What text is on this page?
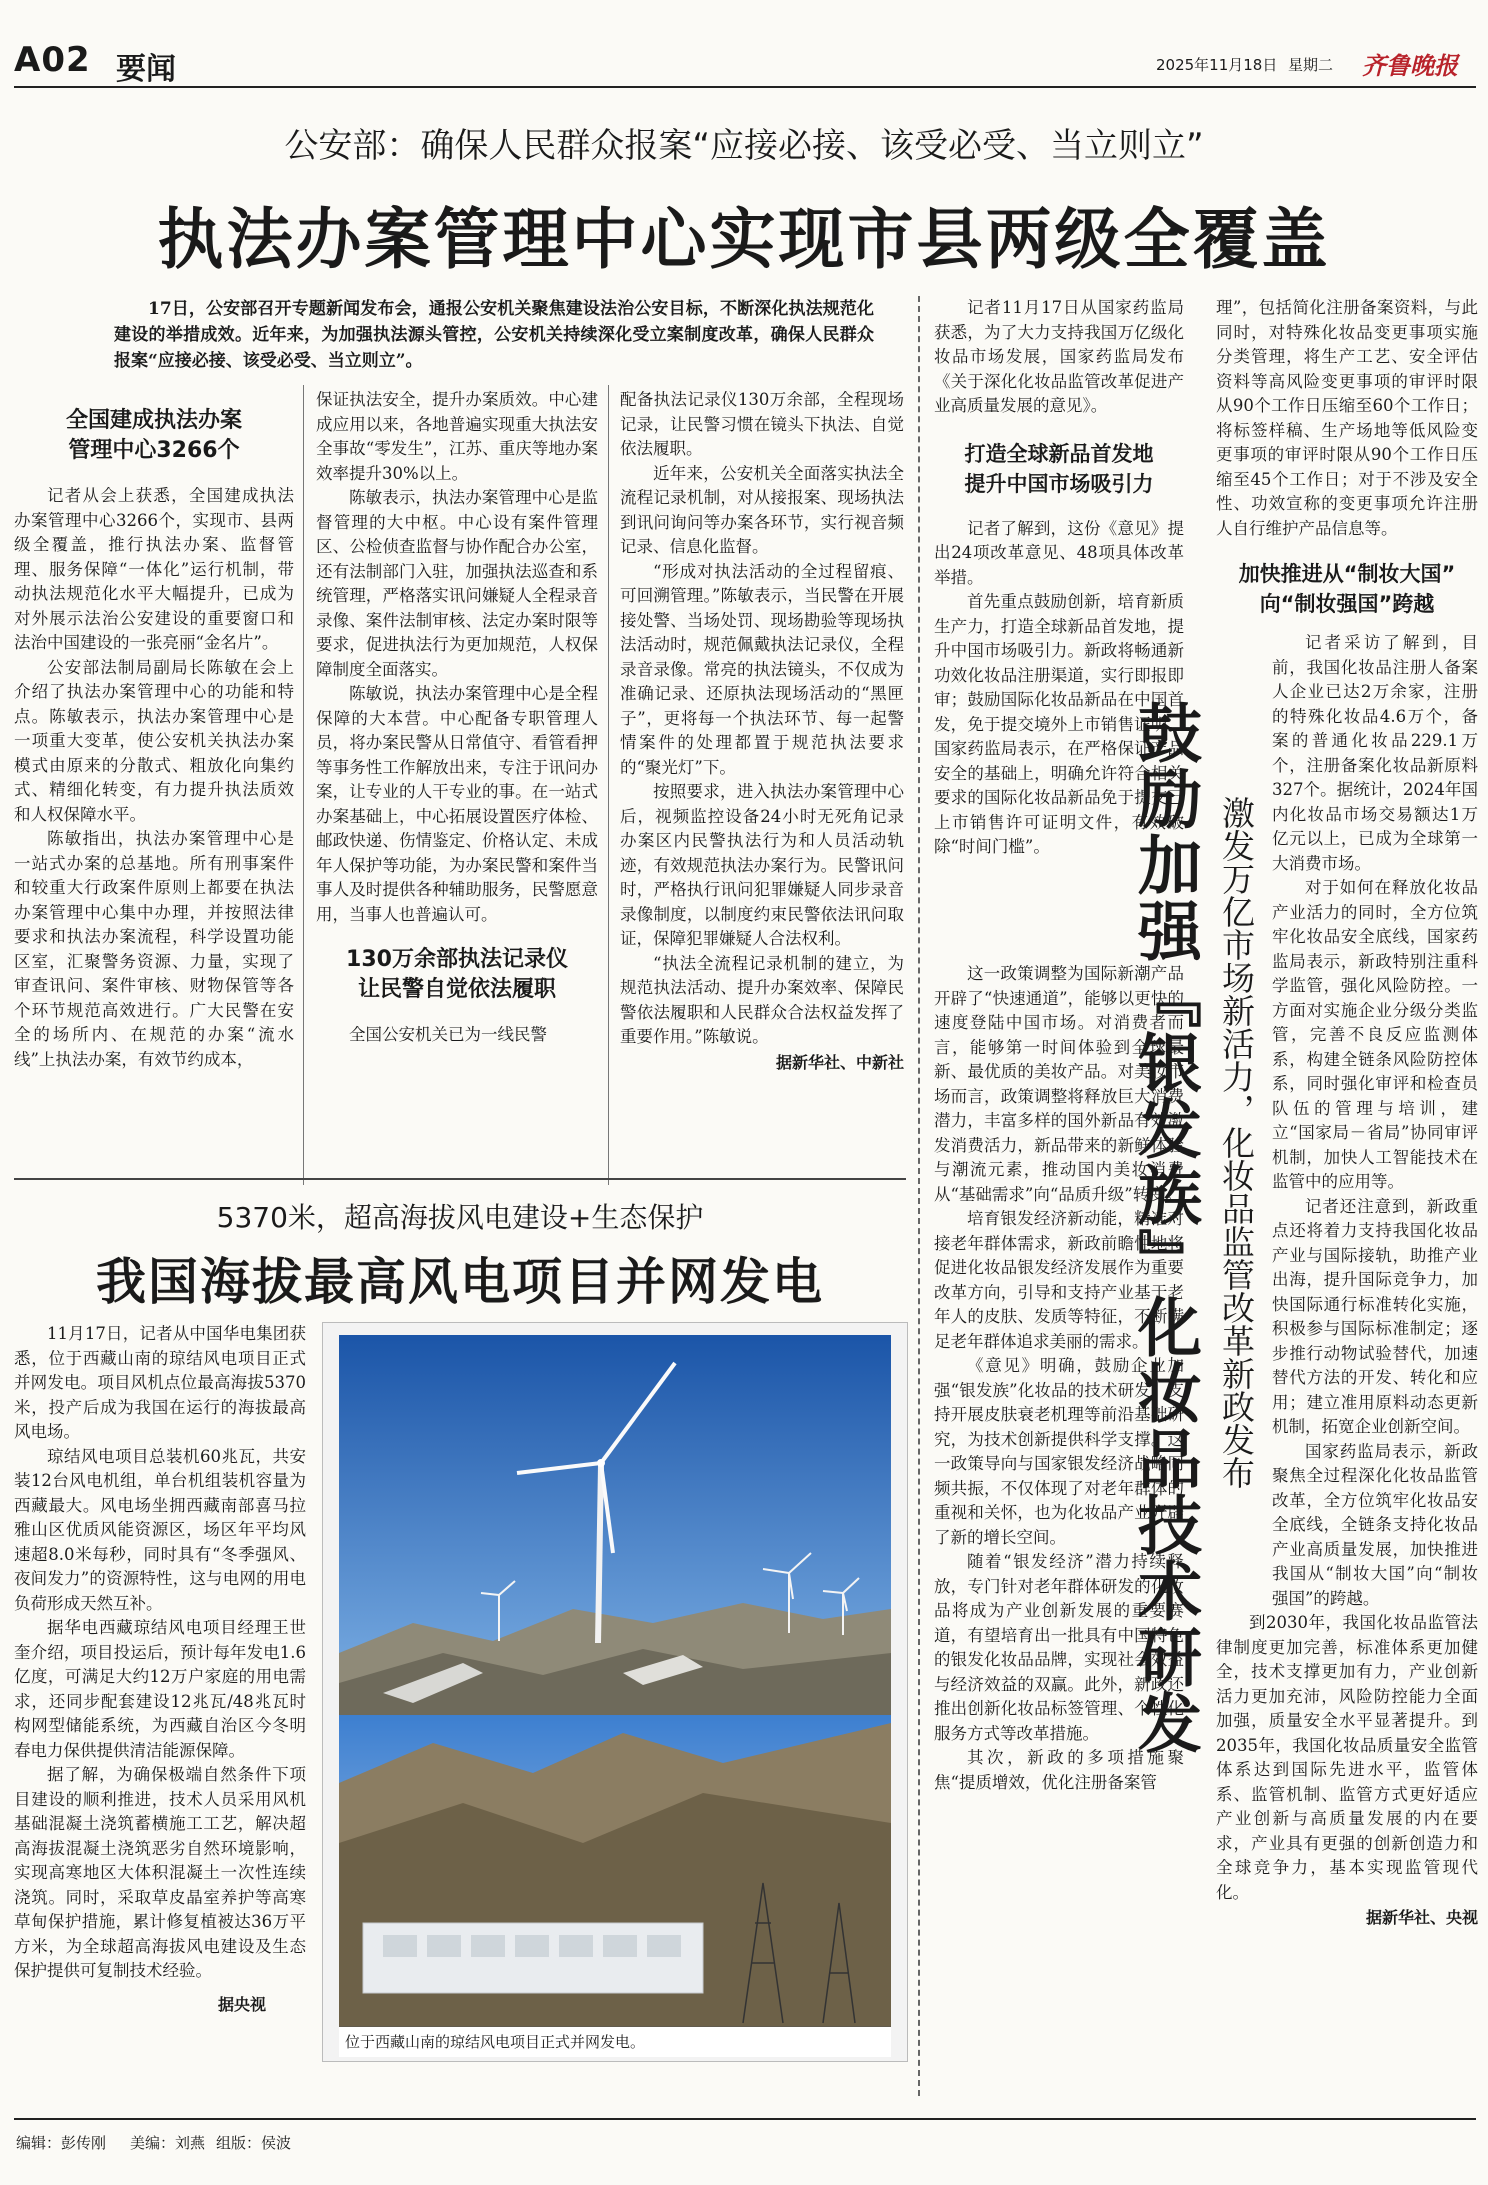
A02 要闻	2025年11月18日 星期二 齐鲁晚报
公安部：确保人民群众报案“应接必接、该受必受、当立则立”
执法办案管理中心实现市县两级全覆盖
17日，公安部召开专题新闻发布会，通报公安机关聚焦建设法治公安目标，不断深化执法规范化建设的举措成效。近年来，为加强执法源头管控，公安机关持续深化受立案制度改革，确保人民群众报案“应接必接、该受必受、当立则立”。
全国建成执法办案
管理中心3266个

记者从会上获悉，全国建成执法办案管理中心3266个，实现市、县两级全覆盖，推行执法办案、监督管理、服务保障“一体化”运行机制，带动执法规范化水平大幅提升，已成为对外展示法治公安建设的重要窗口和法治中国建设的一张亮丽“金名片”。

公安部法制局副局长陈敏在会上介绍了执法办案管理中心的功能和特点。陈敏表示，执法办案管理中心是一项重大变革，使公安机关执法办案模式由原来的分散式、粗放化向集约式、精细化转变，有力提升执法质效和人权保障水平。

陈敏指出，执法办案管理中心是一站式办案的总基地。所有刑事案件和较重大行政案件原则上都要在执法办案管理中心集中办理，并按照法律要求和执法办案流程，科学设置功能区室，汇聚警务资源、力量，实现了审查讯问、案件审核、财物保管等各个环节规范高效进行。广大民警在安全的场所内、在规范的办案“流水线”上执法办案，有效节约成本，

保证执法安全，提升办案质效。中心建成应用以来，各地普遍实现重大执法安全事故“零发生”，江苏、重庆等地办案效率提升30%以上。

陈敏表示，执法办案管理中心是监督管理的大中枢。中心设有案件管理区、公检侦查监督与协作配合办公室，还有法制部门入驻，加强执法巡查和系统管理，严格落实讯问嫌疑人全程录音录像、案件法制审核、法定办案时限等要求，促进执法行为更加规范，人权保障制度全面落实。

陈敏说，执法办案管理中心是全程保障的大本营。中心配备专职管理人员，将办案民警从日常值守、看管看押等事务性工作解放出来，专注于讯问办案，让专业的人干专业的事。在一站式办案基础上，中心拓展设置医疗体检、邮政快递、伤情鉴定、价格认定、未成年人保护等功能，为办案民警和案件当事人及时提供各种辅助服务，民警愿意用，当事人也普遍认可。

130万余部执法记录仪
让民警自觉依法履职

全国公安机关已为一线民警

配备执法记录仪130万余部，全程现场记录，让民警习惯在镜头下执法、自觉依法履职。

近年来，公安机关全面落实执法全流程记录机制，对从接报案、现场执法到讯问询问等办案各环节，实行视音频记录、信息化监督。

“形成对执法活动的全过程留痕、可回溯管理。”陈敏表示，当民警在开展接处警、当场处罚、现场勘验等现场执法活动时，规范佩戴执法记录仪，全程录音录像。常亮的执法镜头，不仅成为准确记录、还原执法现场活动的“黑匣子”，更将每一个执法环节、每一起警情案件的处理都置于规范执法要求的“聚光灯”下。

按照要求，进入执法办案管理中心后，视频监控设备24小时无死角记录办案区内民警执法行为和人员活动轨迹，有效规范执法办案行为。民警讯问时，严格执行讯问犯罪嫌疑人同步录音录像制度，以制度约束民警依法讯问取证，保障犯罪嫌疑人合法权利。

“执法全流程记录机制的建立，为规范执法活动、提升办案效率、保障民警依法履职和人民群众合法权益发挥了重要作用。”陈敏说。

据新华社、中新社
5370米，超高海拔风电建设+生态保护
我国海拔最高风电项目并网发电

11月17日，记者从中国华电集团获悉，位于西藏山南的琼结风电项目正式并网发电。项目风机点位最高海拔5370米，投产后成为我国在运行的海拔最高风电场。

琼结风电项目总装机60兆瓦，共安装12台风电机组，单台机组装机容量为西藏最大。风电场坐拥西藏南部喜马拉雅山区优质风能资源区，场区年平均风速超8.0米每秒，同时具有“冬季强风、夜间发力”的资源特性，这与电网的用电负荷形成天然互补。

据华电西藏琼结风电项目经理王世奎介绍，项目投运后，预计每年发电1.6亿度，可满足大约12万户家庭的用电需求，还同步配套建设12兆瓦/48兆瓦时构网型储能系统，为西藏自治区今冬明春电力保供提供清洁能源保障。

据了解，为确保极端自然条件下项目建设的顺利推进，技术人员采用风机基础混凝土浇筑蓄横施工工艺，解决超高海拔混凝土浇筑恶劣自然环境影响，实现高寒地区大体积混凝土一次性连续浇筑。同时，采取草皮晶室养护等高寒草甸保护措施，累计修复植被达36万平方米，为全球超高海拔风电建设及生态保护提供可复制技术经验。

据央视
位于西藏山南的琼结风电项目正式并网发电。

记者11月17日从国家药监局获悉，为了大力支持我国万亿级化妆品市场发展，国家药监局发布《关于深化化妆品监管改革促进产业高质量发展的意见》。

打造全球新品首发地
提升中国市场吸引力

记者了解到，这份《意见》提出24项改革意见、48项具体改革举措。

首先重点鼓励创新，培育新质生产力，打造全球新品首发地，提升中国市场吸引力。新政将畅通新功效化妆品注册渠道，实行即报即审；鼓励国际化妆品新品在中国首发，免于提交境外上市销售证明。国家药监局表示，在严格保证产品安全的基础上，明确允许符合相关要求的国际化妆品新品免于提交已上市销售许可证明文件，有效破除“时间门槛”。

这一政策调整为国际新潮产品开辟了“快速通道”，能够以更快的速度登陆中国市场。对消费者而言，能够第一时间体验到全球最新、最优质的美妆产品。对美妆市场而言，政策调整将释放巨大消费潜力，丰富多样的国外新品有效激发消费活力，新品带来的新鲜体验与潮流元素，推动国内美妆消费从“基础需求”向“品质升级”转变。

培育银发经济新动能，精准对接老年群体需求，新政前瞻性地将促进化妆品银发经济发展作为重要改革方向，引导和支持产业基于老年人的皮肤、发质等特征，不断满足老年群体追求美丽的需求。

《意见》明确，鼓励企业加强“银发族”化妆品的技术研发，支持开展皮肤衰老机理等前沿基础研究，为技术创新提供科学支撑。这一政策导向与国家银发经济战略同频共振，不仅体现了对老年群体的重视和关怀，也为化妆品产业开辟了新的增长空间。

随着“银发经济”潜力持续释放，专门针对老年群体研发的化妆品将成为产业创新发展的重要赛道，有望培育出一批具有中国特色的银发化妆品品牌，实现社会效益与经济效益的双赢。此外，新政还推出创新化妆品标签管理、个性化服务方式等改革措施。

其次，新政的多项措施聚焦“提质增效，优化注册备案管

鼓励加强『银发族』化妆品技术研发 激发万亿市场新活力，化妆品监管改革新政发布

理”，包括简化注册备案资料，与此同时，对特殊化妆品变更事项实施分类管理，将生产工艺、安全评估资料等高风险变更事项的审评时限从90个工作日压缩至60个工作日；将标签样稿、生产场地等低风险变更事项的审评时限从90个工作日压缩至45个工作日；对于不涉及安全性、功效宣称的变更事项允许注册人自行维护产品信息等。

加快推进从“制妆大国”
向“制妆强国”跨越

记者采访了解到，目前，我国化妆品注册人备案人企业已达2万余家，注册的特殊化妆品4.6万个，备案的普通化妆品229.1万个，注册备案化妆品新原料327个。据统计，2024年国内化妆品市场交易额达1万亿元以上，已成为全球第一大消费市场。

对于如何在释放化妆品产业活力的同时，全方位筑牢化妆品安全底线，国家药监局表示，新政特别注重科学监管，强化风险防控。一方面对实施企业分级分类监管，完善不良反应监测体系，构建全链条风险防控体系，同时强化审评和检查员队伍的管理与培训，建立“国家局－省局”协同审评机制，加快人工智能技术在监管中的应用等。

记者还注意到，新政重点还将着力支持我国化妆品产业与国际接轨，助推产业出海，提升国际竞争力，加快国际通行标准转化实施，积极参与国际标准制定；逐步推行动物试验替代，加速替代方法的开发、转化和应用；建立准用原料动态更新机制，拓宽企业创新空间。

国家药监局表示，新政聚焦全过程深化化妆品监管改革，全方位筑牢化妆品安全底线，全链条支持化妆品产业高质量发展，加快推进我国从“制妆大国”向“制妆强国”的跨越。

到2030年，我国化妆品监管法律制度更加完善，标准体系更加健全，技术支撑更加有力，产业创新活力更加充沛，风险防控能力全面加强，质量安全水平显著提升。到2035年，我国化妆品质量安全监管体系达到国际先进水平，监管体系、监管机制、监管方式更好适应产业创新与高质量发展的内在要求，产业具有更强的创新创造力和全球竞争力，基本实现监管现代化。

据新华社、央视
编辑：彭传刚 美编：刘燕 组版：侯波
